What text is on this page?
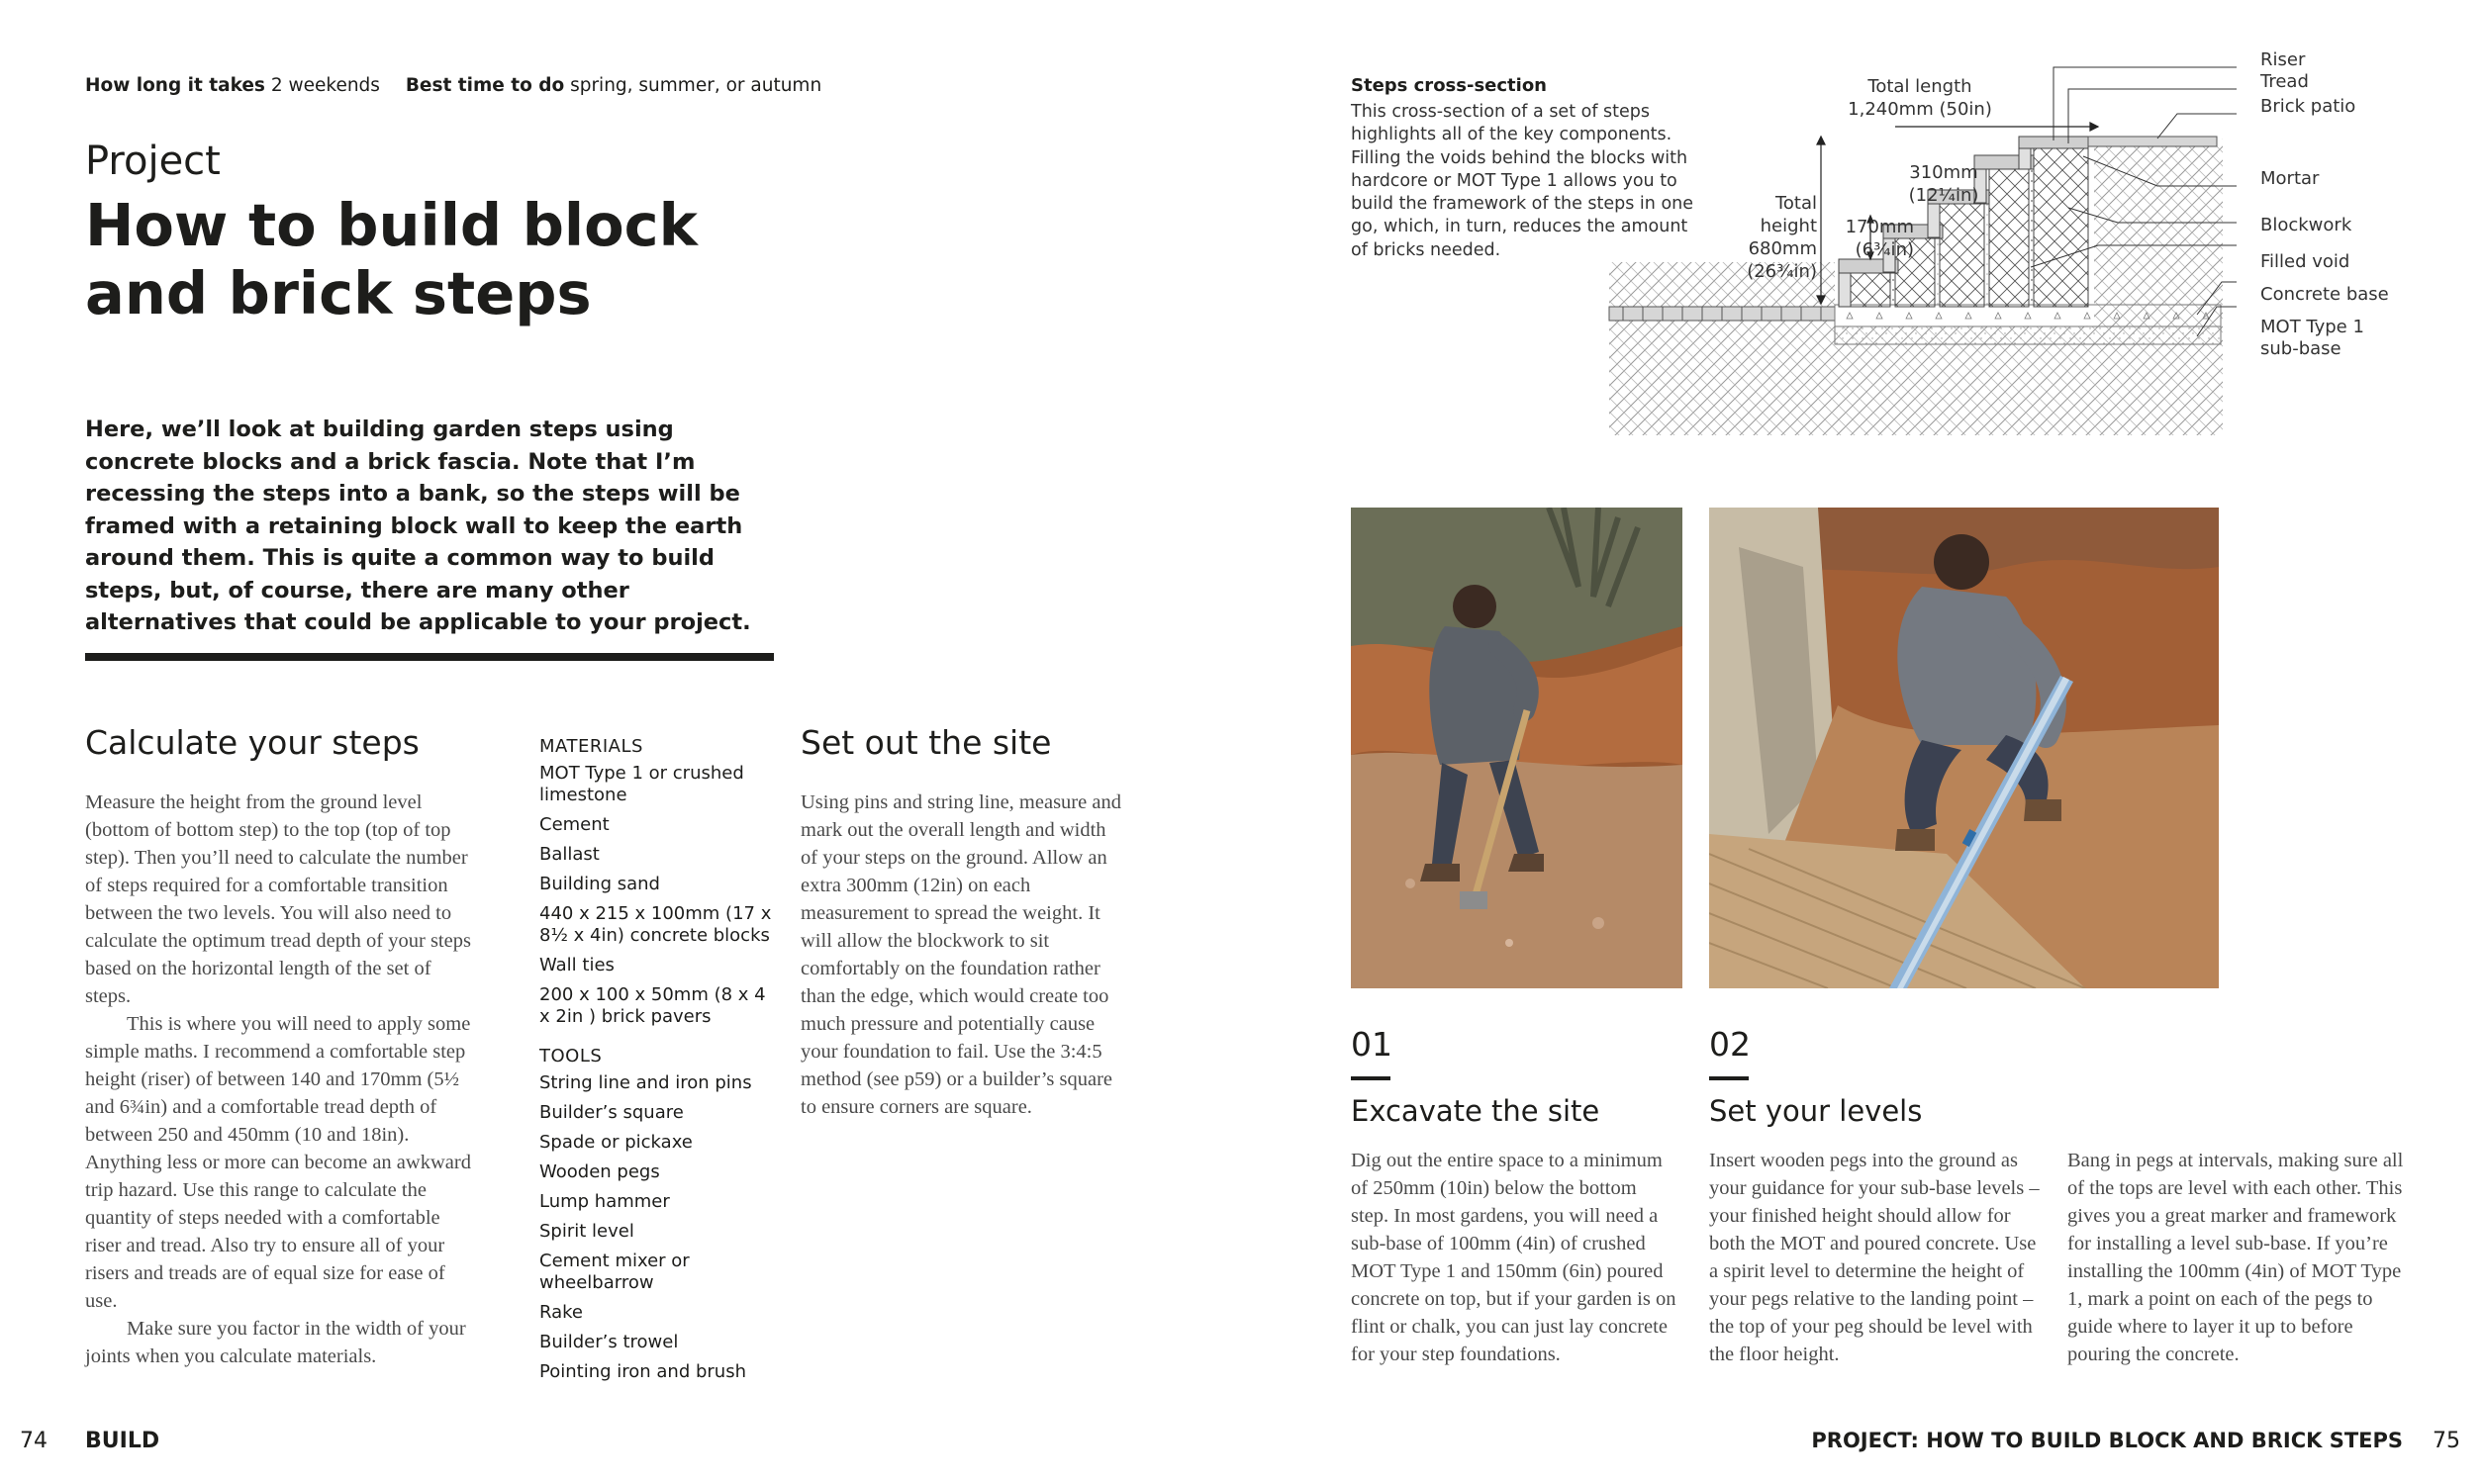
How long it takes 2 weekends Best time to do spring, summer, or autumn
Project
How to build block
and brick steps
Here, we’ll look at building garden steps using concrete blocks and a brick fascia. Note that I’m recessing the steps into a bank, so the steps will be framed with a retaining block wall to keep the earth around them. This is quite a common way to build steps, but, of course, there are many other alternatives that could be applicable to your project.
Calculate your steps

Measure the height from the ground level (bottom of bottom step) to the top (top of top step). Then you’ll need to calculate the number of steps required for a comfortable transition between the two levels. You will also need to calculate the optimum tread depth of your steps based on the horizontal length of the set of steps.

This is where you will need to apply some simple maths. I recommend a comfortable step height (riser) of between 140 and 170mm (5½ and 6¾in) and a comfortable tread depth of between 250 and 450mm (10 and 18in). Anything less or more can become an awkward trip hazard. Use this range to calculate the quantity of steps needed with a comfortable riser and tread. Also try to ensure all of your risers and treads are of equal size for ease of use.

Make sure you factor in the width of your joints when you calculate materials.

MATERIALS
MOT Type 1 or crushed limestone
Cement
Ballast
Building sand
440 x 215 x 100mm (17 x 8½ x 4in) concrete blocks
Wall ties
200 x 100 x 50mm (8 x 4 x 2in ) brick pavers
TOOLS
String line and iron pins
Builder’s square
Spade or pickaxe
Wooden pegs
Lump hammer
Spirit level
Cement mixer or wheelbarrow
Rake
Builder’s trowel
Pointing iron and brush
Set out the site
Using pins and string line, measure and mark out the overall length and width of your steps on the ground. Allow an extra 300mm (12in) on each measurement to spread the weight. It will allow the blockwork to sit comfortably on the foundation rather than the edge, which would create too much pressure and potentially cause your foundation to fail. Use the 3:4:5 method (see p59) or a builder’s square to ensure corners are square.
Steps cross-section
This cross-section of a set of steps highlights all of the key components. Filling the voids behind the blocks with hardcore or MOT Type 1 allows you to build the framework of the steps in one go, which, in turn, reduces the amount of bricks needed.
Total length
1,240mm (50in)
310mm
(12¼in)
170mm
(6¾in)
Total
height
680mm
(26¾in)
Riser
Tread
Brick patio
Mortar
Blockwork
Filled void
Concrete base
MOT Type 1
sub-base
01
Excavate the site
Dig out the entire space to a minimum of 250mm (10in) below the bottom step. In most gardens, you will need a sub-base of 100mm (4in) of crushed MOT Type 1 and 150mm (6in) poured concrete on top, but if your garden is on flint or chalk, you can just lay concrete for your step foundations.
02
Set your levels
Insert wooden pegs into the ground as your guidance for your sub-base levels – your finished height should allow for both the MOT and poured concrete. Use a spirit level to determine the height of your pegs relative to the landing point – the top of your peg should be level with the floor height.
Bang in pegs at intervals, making sure all of the tops are level with each other. This gives you a great marker and framework for installing a level sub-base. If you’re installing the 100mm (4in) of MOT Type 1, mark a point on each of the pegs to guide where to layer it up to before pouring the concrete.
74 BUILD	PROJECT: HOW TO BUILD BLOCK AND BRICK STEPS 75
